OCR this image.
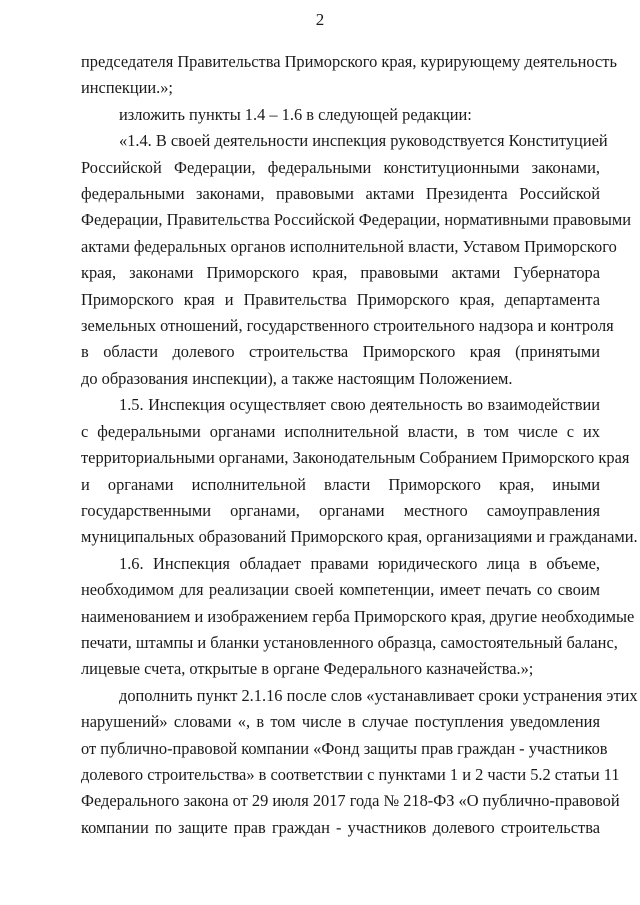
2
председателя Правительства Приморского края, курирующему деятельность
инспекции.»;
изложить пункты 1.4 – 1.6 в следующей редакции:
«1.4. В своей деятельности инспекция руководствуется Конституцией
Российской Федерации, федеральными конституционными законами,
федеральными законами, правовыми актами Президента Российской
Федерации, Правительства Российской Федерации, нормативными правовыми
актами федеральных органов исполнительной власти, Уставом Приморского
края, законами Приморского края, правовыми актами Губернатора
Приморского края и Правительства Приморского края, департамента
земельных отношений, государственного строительного надзора и контроля
в области долевого строительства Приморского края (принятыми
до образования инспекции), а также настоящим Положением.
1.5. Инспекция осуществляет свою деятельность во взаимодействии
с федеральными органами исполнительной власти, в том числе с их
территориальными органами, Законодательным Собранием Приморского края
и органами исполнительной власти Приморского края, иными
государственными органами, органами местного самоуправления
муниципальных образований Приморского края, организациями и гражданами.
1.6. Инспекция обладает правами юридического лица в объеме,
необходимом для реализации своей компетенции, имеет печать со своим
наименованием и изображением герба Приморского края, другие необходимые
печати, штампы и бланки установленного образца, самостоятельный баланс,
лицевые счета, открытые в органе Федерального казначейства.»;
дополнить пункт 2.1.16 после слов «устанавливает сроки устранения этих
нарушений» словами «, в том числе в случае поступления уведомления
от публично-правовой компании «Фонд защиты прав граждан - участников
долевого строительства» в соответствии с пунктами 1 и 2 части 5.2 статьи 11
Федерального закона от 29 июля 2017 года № 218-ФЗ «О публично-правовой
компании по защите прав граждан - участников долевого строительства
